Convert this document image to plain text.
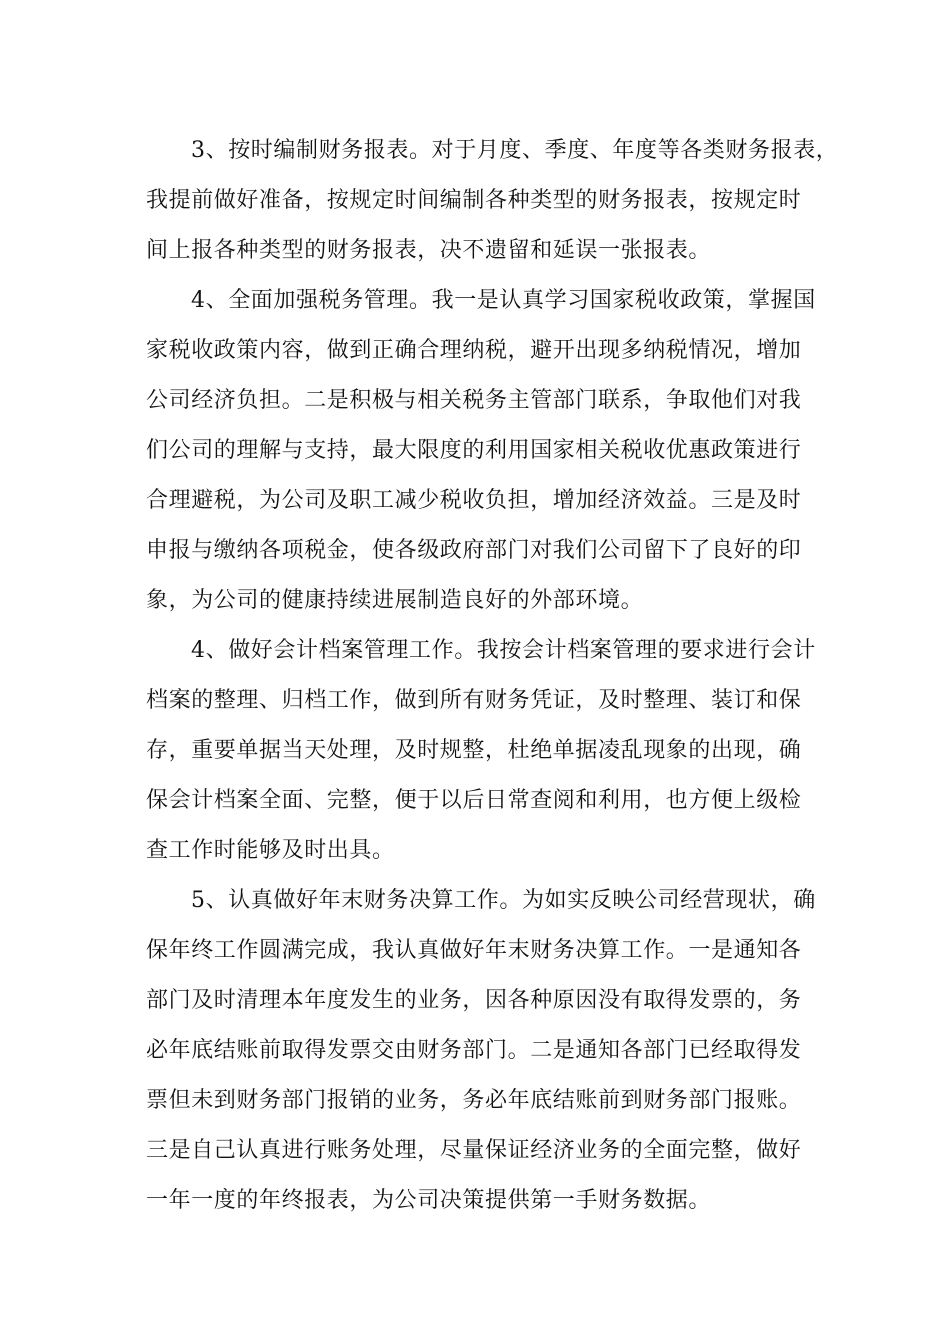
3、按时编制财务报表。对于月度、季度、年度等各类财务报表，
我提前做好准备，按规定时间编制各种类型的财务报表，按规定时
间上报各种类型的财务报表，决不遗留和延误一张报表。
4、全面加强税务管理。我一是认真学习国家税收政策，掌握国
家税收政策内容，做到正确合理纳税，避开出现多纳税情况，增加
公司经济负担。二是积极与相关税务主管部门联系，争取他们对我
们公司的理解与支持，最大限度的利用国家相关税收优惠政策进行
合理避税，为公司及职工减少税收负担，增加经济效益。三是及时
申报与缴纳各项税金，使各级政府部门对我们公司留下了良好的印
象，为公司的健康持续进展制造良好的外部环境。
4、做好会计档案管理工作。我按会计档案管理的要求进行会计
档案的整理、归档工作，做到所有财务凭证，及时整理、装订和保
存，重要单据当天处理，及时规整，杜绝单据凌乱现象的出现，确
保会计档案全面、完整，便于以后日常查阅和利用，也方便上级检
查工作时能够及时出具。
5、认真做好年末财务决算工作。为如实反映公司经营现状，确
保年终工作圆满完成，我认真做好年末财务决算工作。一是通知各
部门及时清理本年度发生的业务，因各种原因没有取得发票的，务
必年底结账前取得发票交由财务部门。二是通知各部门已经取得发
票但未到财务部门报销的业务，务必年底结账前到财务部门报账。
三是自己认真进行账务处理，尽量保证经济业务的全面完整，做好
一年一度的年终报表，为公司决策提供第一手财务数据。
